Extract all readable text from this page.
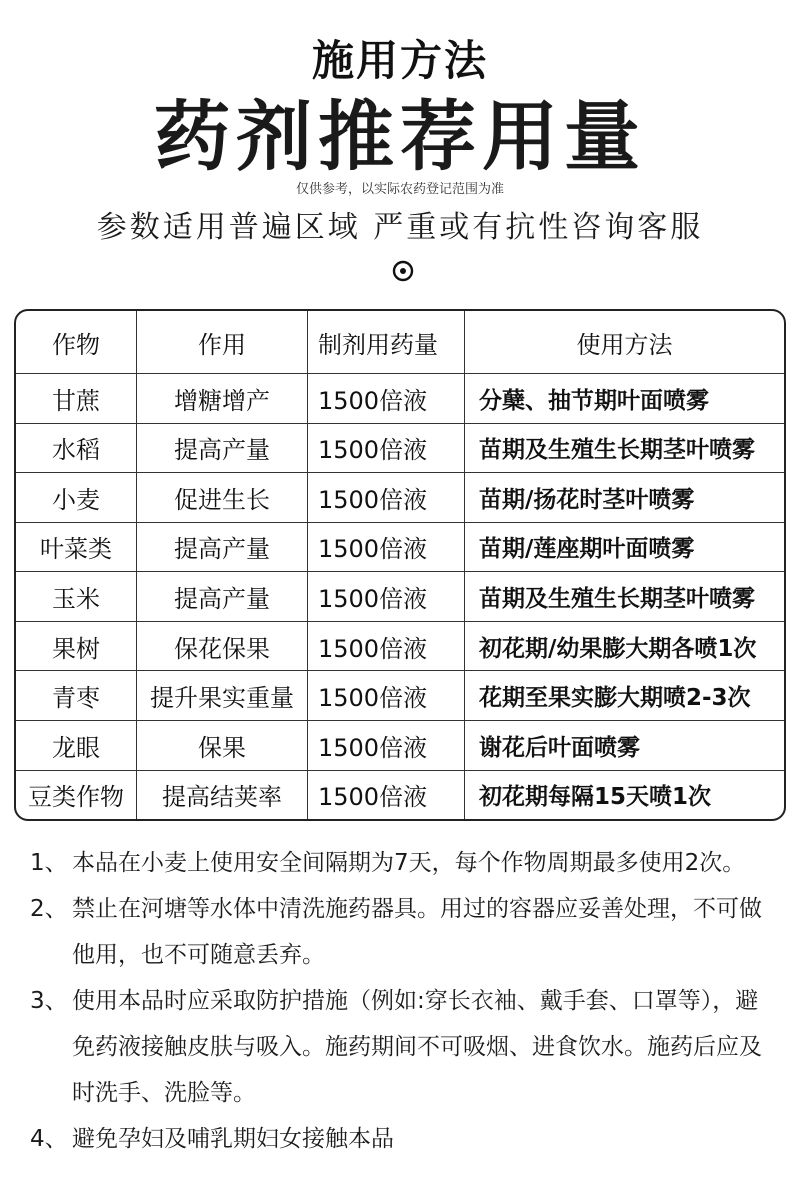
施用方法
药剂推荐用量
仅供参考，以实际农药登记范围为准
参数适用普遍区域 严重或有抗性咨询客服
作物	作用	制剂用药量	使用方法
甘蔗	增糖增产	1500倍液	分蘖、抽节期叶面喷雾
水稻	提高产量	1500倍液	苗期及生殖生长期茎叶喷雾
小麦	促进生长	1500倍液	苗期/扬花时茎叶喷雾
叶菜类	提高产量	1500倍液	苗期/莲座期叶面喷雾
玉米	提高产量	1500倍液	苗期及生殖生长期茎叶喷雾
果树	保花保果	1500倍液	初花期/幼果膨大期各喷1次
青枣	提升果实重量	1500倍液	花期至果实膨大期喷2-3次
龙眼	保果	1500倍液	谢花后叶面喷雾
豆类作物	提高结荚率	1500倍液	初花期每隔15天喷1次
1、 本品在小麦上使用安全间隔期为7天，每个作物周期最多使用2次。
2、 禁止在河塘等水体中清洗施药器具。用过的容器应妥善处理，不可做他用，也不可随意丢弃。
3、 使用本品时应采取防护措施（例如:穿长衣袖、戴手套、口罩等），避免药液接触皮肤与吸入。施药期间不可吸烟、进食饮水。施药后应及时洗手、洗脸等。
4、 避免孕妇及哺乳期妇女接触本品
